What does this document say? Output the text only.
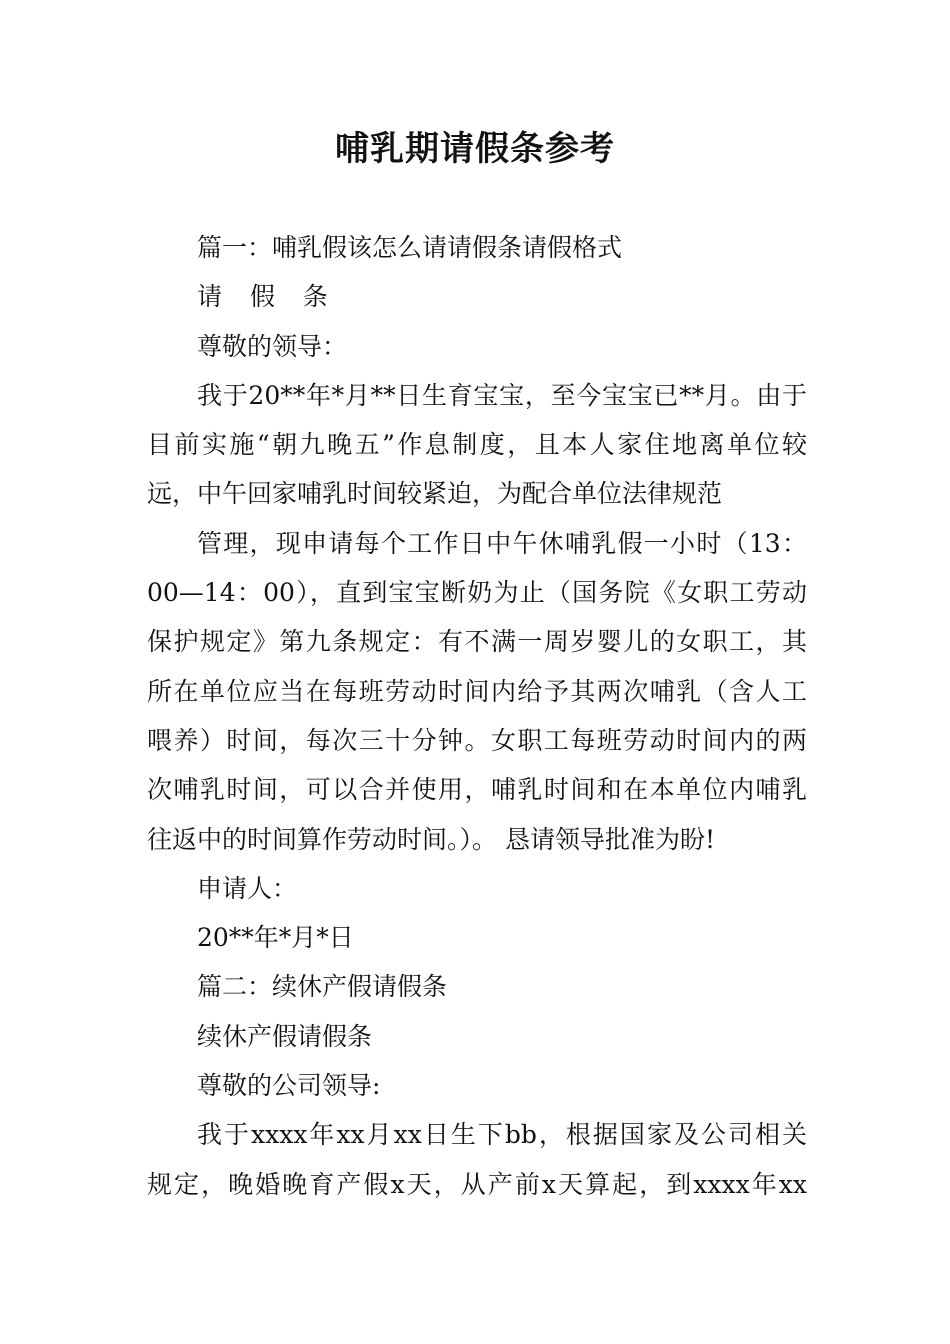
哺乳期请假条参考

篇一：哺乳假该怎么请请假条请假格式

请 假 条

尊敬的领导：

我于20**年*月**日生育宝宝，至今宝宝已**月。由于
目前实施“朝九晚五”作息制度，且本人家住地离单位较
远，中午回家哺乳时间较紧迫，为配合单位法律规范

管理，现申请每个工作日中午休哺乳假一小时（13：
00—14：00），直到宝宝断奶为止（国务院《女职工劳动
保护规定》第九条规定：有不满一周岁婴儿的女职工，其
所在单位应当在每班劳动时间内给予其两次哺乳（含人工
喂养）时间，每次三十分钟。女职工每班劳动时间内的两
次哺乳时间，可以合并使用，哺乳时间和在本单位内哺乳
往返中的时间算作劳动时间。）。 恳请领导批准为盼!

申请人：

20**年*月*日

篇二：续休产假请假条

续休产假请假条

尊敬的公司领导:

我于xxxx年xx月xx日生下bb，根据国家及公司相关
规定，晚婚晚育产假x天，从产前x天算起，到xxxx年xx
